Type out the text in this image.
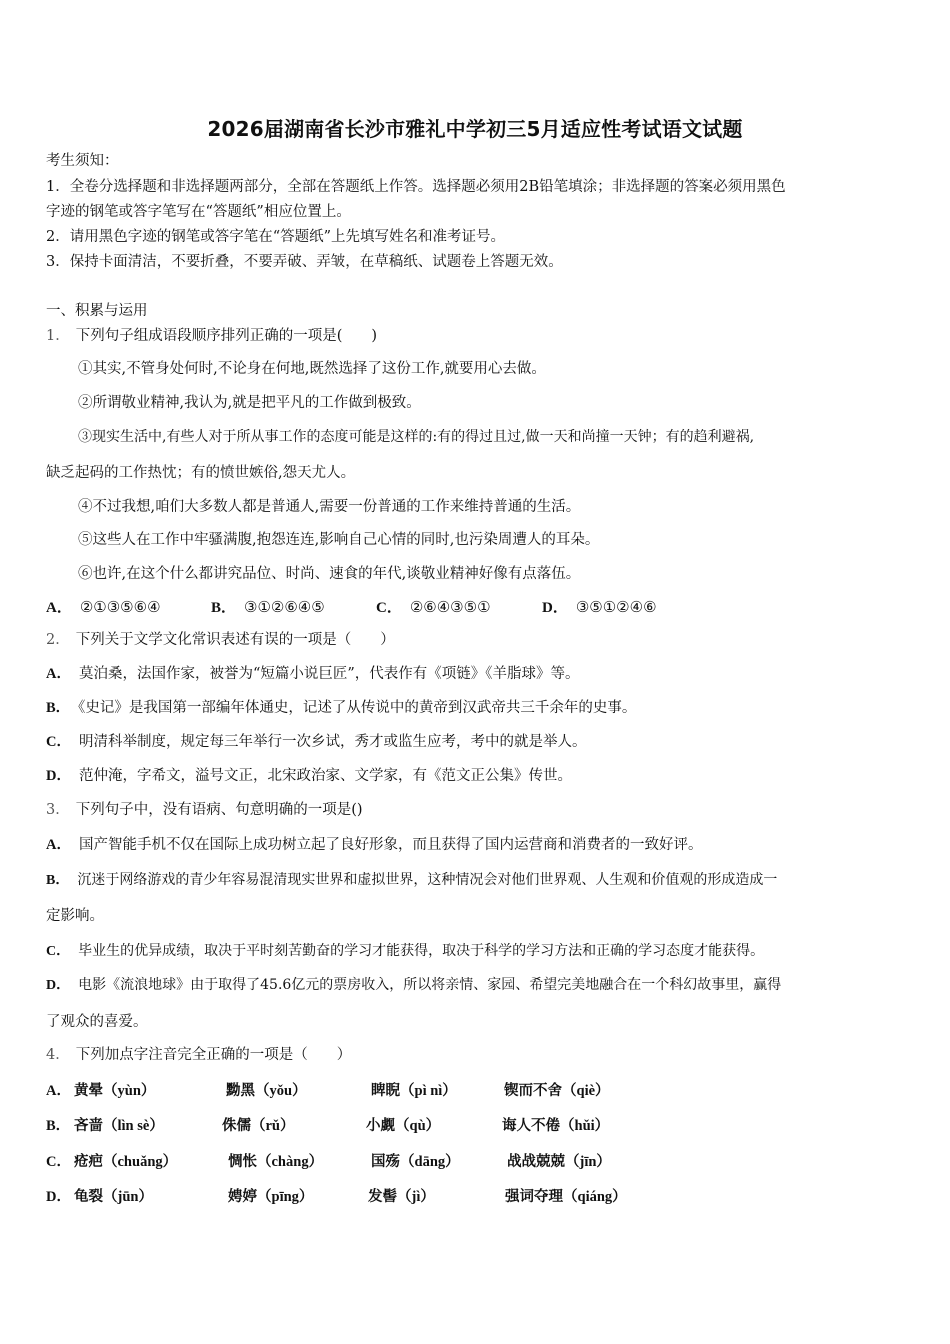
2026届湖南省长沙市雅礼中学初三5月适应性考试语文试题
考生须知：
1．全卷分选择题和非选择题两部分，全部在答题纸上作答。选择题必须用2B铅笔填涂；非选择题的答案必须用黑色
字迹的钢笔或答字笔写在“答题纸”相应位置上。
2．请用黑色字迹的钢笔或答字笔在“答题纸”上先填写姓名和准考证号。
3．保持卡面清洁，不要折叠，不要弄破、弄皱，在草稿纸、试题卷上答题无效。
一、积累与运用
1． 下列句子组成语段顺序排列正确的一项是(　　)
①其实,不管身处何时,不论身在何地,既然选择了这份工作,就要用心去做。
②所谓敬业精神,我认为,就是把平凡的工作做到极致。
③现实生活中,有些人对于所从事工作的态度可能是这样的:有的得过且过,做一天和尚撞一天钟；有的趋利避祸,
缺乏起码的工作热忱；有的愤世嫉俗,怨天尤人。
④不过我想,咱们大多数人都是普通人,需要一份普通的工作来维持普通的生活。
⑤这些人在工作中牢骚满腹,抱怨连连,影响自己心情的同时,也污染周遭人的耳朵。
⑥也许,在这个什么都讲究品位、时尚、速食的年代,谈敬业精神好像有点落伍。
A． ②①③⑤⑥④	B． ③①②⑥④⑤	C． ②⑥④③⑤①	D． ③⑤①②④⑥
2． 下列关于文学文化常识表述有误的一项是（　　）
A． 莫泊桑，法国作家，被誉为“短篇小说巨匠”，代表作有《项链》《羊脂球》等。
B． 《史记》是我国第一部编年体通史，记述了从传说中的黄帝到汉武帝共三千余年的史事。
C． 明清科举制度，规定每三年举行一次乡试，秀才或监生应考，考中的就是举人。
D． 范仲淹，字希文，溢号文正，北宋政治家、文学家，有《范文正公集》传世。
3． 下列句子中，没有语病、句意明确的一项是()
A． 国产智能手机不仅在国际上成功树立起了良好形象，而且获得了国内运营商和消费者的一致好评。
B． 沉迷于网络游戏的青少年容易混清现实世界和虚拟世界，这种情况会对他们世界观、人生观和价值观的形成造成一
定影响。
C． 毕业生的优异成绩，取决于平时刻苦勤奋的学习才能获得，取决于科学的学习方法和正确的学习态度才能获得。
D． 电影《流浪地球》由于取得了45.6亿元的票房收入，所以将亲情、家园、希望完美地融合在一个科幻故事里，赢得
了观众的喜爱。
4． 下列加点字注音完全正确的一项是（　　）
A． 黄晕（yùn）	黝黑（yǒu）	睥睨（pì nì）	锲而不舍（qiè）
B． 吝啬（lìn sè）	侏儒（rǔ）	小觑（qù）	诲人不倦（hǔi）
C． 疮疤（chuǎng）	惆怅（chàng）	国殇（dāng）	战战兢兢（jīn）
D． 龟裂（jūn）	娉婷（pīng）	发髻（jì）	强词夺理（qiáng）
